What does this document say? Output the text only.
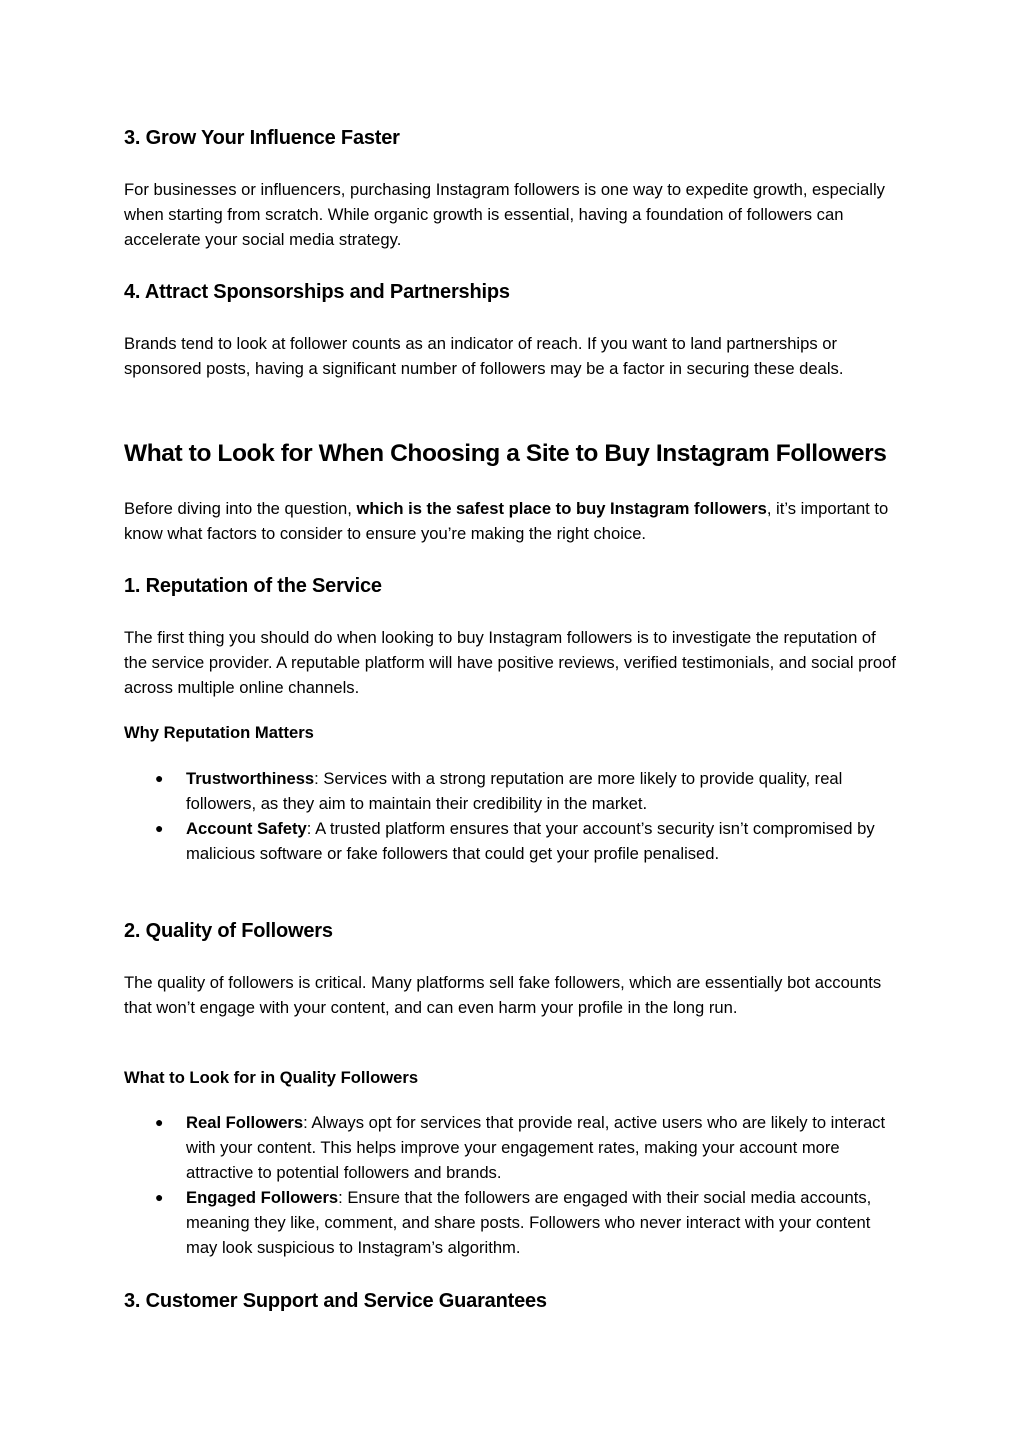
3. Grow Your Influence Faster

For businesses or influencers, purchasing Instagram followers is one way to expedite growth, especially when starting from scratch. While organic growth is essential, having a foundation of followers can accelerate your social media strategy.

4. Attract Sponsorships and Partnerships

Brands tend to look at follower counts as an indicator of reach. If you want to land partnerships or sponsored posts, having a significant number of followers may be a factor in securing these deals.

What to Look for When Choosing a Site to Buy Instagram Followers

Before diving into the question, which is the safest place to buy Instagram followers, it’s important to know what factors to consider to ensure you’re making the right choice.

1. Reputation of the Service

The first thing you should do when looking to buy Instagram followers is to investigate the reputation of the service provider. A reputable platform will have positive reviews, verified testimonials, and social proof across multiple online channels.

Why Reputation Matters
● Trustworthiness: Services with a strong reputation are more likely to provide quality, real followers, as they aim to maintain their credibility in the market.
● Account Safety: A trusted platform ensures that your account’s security isn’t compromised by malicious software or fake followers that could get your profile penalised.
2. Quality of Followers

The quality of followers is critical. Many platforms sell fake followers, which are essentially bot accounts that won’t engage with your content, and can even harm your profile in the long run.

What to Look for in Quality Followers
● Real Followers: Always opt for services that provide real, active users who are likely to interact with your content. This helps improve your engagement rates, making your account more attractive to potential followers and brands.
● Engaged Followers: Ensure that the followers are engaged with their social media accounts, meaning they like, comment, and share posts. Followers who never interact with your content may look suspicious to Instagram’s algorithm.
3. Customer Support and Service Guarantees
